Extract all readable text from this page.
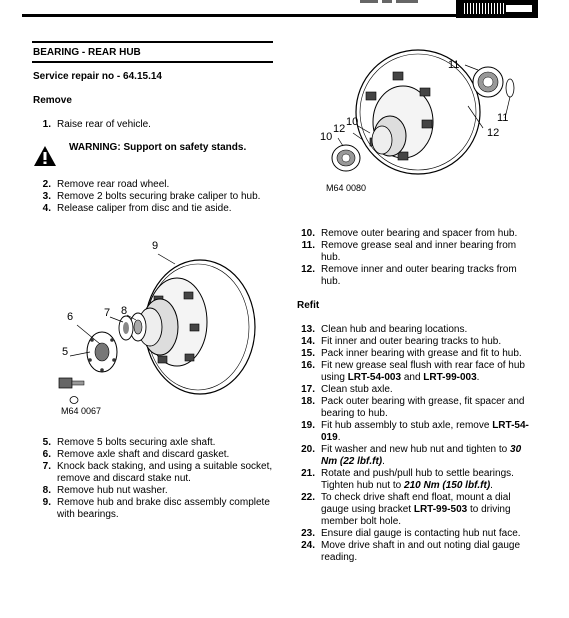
BEARING - REAR HUB
Service repair no - 64.15.14
Remove
1. Raise rear of vehicle.
WARNING: Support on safety stands.
2. Remove rear road wheel.
3. Remove 2 bolts securing brake caliper to hub.
4. Release caliper from disc and tie aside.
9
6	7 8
5
M64 0067
5. Remove 5 bolts securing axle shaft.
6. Remove axle shaft and discard gasket.
7. Knock back staking, and using a suitable socket, remove and discard stake nut.
8. Remove hub nut washer.
9. Remove hub and brake disc assembly complete with bearings.
11
10
12
10
11
12
M64 0080
10. Remove outer bearing and spacer from hub.
11. Remove grease seal and inner bearing from hub.
12. Remove inner and outer bearing tracks from hub.
Refit
13. Clean hub and bearing locations.
14. Fit inner and outer bearing tracks to hub.
15. Pack inner bearing with grease and fit to hub.
16. Fit new grease seal flush with rear face of hub using LRT-54-003 and LRT-99-003.
17. Clean stub axle.
18. Pack outer bearing with grease, fit spacer and bearing to hub.
19. Fit hub assembly to stub axle, remove LRT-54-019.
20. Fit washer and new hub nut and tighten to 30 Nm (22 lbf.ft).
21. Rotate and push/pull hub to settle bearings. Tighten hub nut to 210 Nm (150 lbf.ft).
22. To check drive shaft end float, mount a dial gauge using bracket LRT-99-503 to driving member bolt hole.
23. Ensure dial gauge is contacting hub nut face.
24. Move drive shaft in and out noting dial gauge reading.
